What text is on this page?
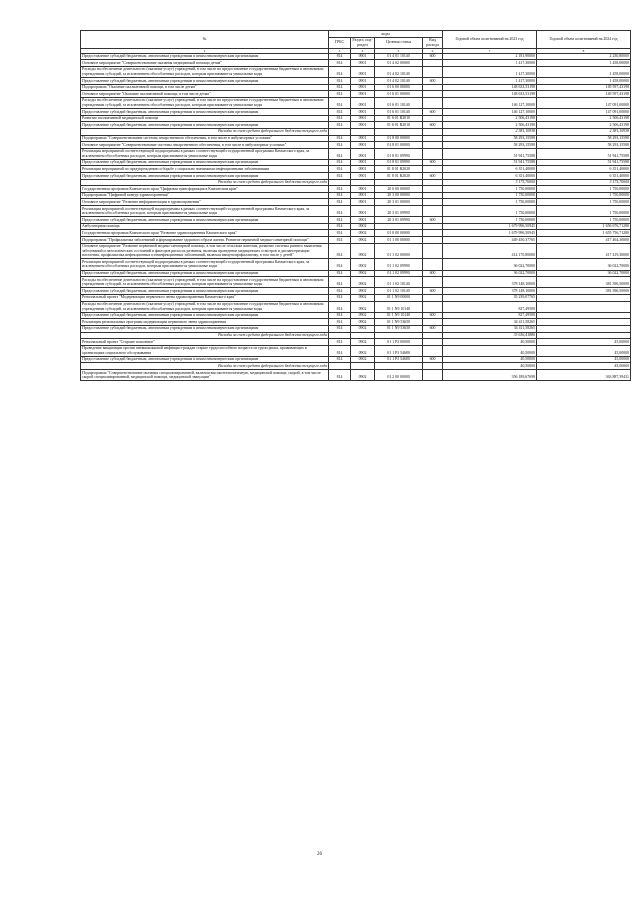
№	коды				Годовой объем ассигнований на 2023 год	Годовой объем ассигнований на 2024 год
	ГРБС	Раздел, под-раздел	Целевая статья	Вид расхода		
2	3	4	5	6	7	8
Предоставление субсидий бюджетным, автономным учреждениям и иным некоммерческим организациям	814	0901	01 4 01 10140	600	2 181,90000	2 230,80000
Основное мероприятие "Совершенствование оказания медицинской помощи детям"	814	0901	01 4 02 00000		1 417,30000	1 458,00000
Расходы на обеспечение деятельности (оказание услуг) учреждений, в том числе на предоставление государственным бюджетным и автономным учреждениям субсидий, за исключением обособленных расходов, которым присваиваются уникальные коды	814	0901	01 4 02 10140		1 417,30000	1 458,00000
Предоставление субсидий бюджетным, автономным учреждениям и иным некоммерческим организациям	814	0901	01 4 02 10140	600	1 417,30000	1 458,00000
Подпрограмма "Оказание паллиативной помощи, в том числе детям"	814	0901	01 6 00 00000		148 633,53198	149 597,43198
Основное мероприятие "Оказание паллиативной помощи, в том числе детям"	814	0901	01 6 01 00000		148 633,53198	149 597,43198
Расходы на обеспечение деятельности (оказание услуг) учреждений, в том числе на предоставление государственным бюджетным и автономным учреждениям субсидий, за исключением обособленных расходов, которым присваиваются уникальные коды	814	0901	01 6 01 10140		146 127,10000	147 091,00000
Предоставление субсидий бюджетным, автономным учреждениям и иным некоммерческим организациям	814	0901	01 6 01 10140	600	146 127,10000	147 091,00000
Развитие паллиативной медицинской помощи	814	0901	01 6 01 R2010		2 506,43198	2 506,43198
Предоставление субсидий бюджетным, автономным учреждениям и иным некоммерческим организациям	814	0901	01 6 01 R2010	600	2 506,43198	2 506,43198
Расходы за счет средств федерального бюджета текущего года					2 381,10938	2 381,10938
Подпрограмма "Совершенствование системы лекарственного обеспечения, в том числе в амбулаторных условиях"	814	0901	01 8 00 00000		58 293,15588	58 293,15588
Основное мероприятие "Совершенствование системы лекарственного обеспечения, в том числе в амбулаторных условиях"	814	0901	01 8 01 00000		58 293,15588	58 293,15588
Реализация мероприятий соответствующей подпрограммы в рамках соответствующей государственной программы Камчатского края, за исключением обособленных расходов, которым присваиваются уникальные коды	814	0901	01 8 01 09990		51 941,75588	51 941,75588
Предоставление субсидий бюджетным, автономным учреждениям и иным некоммерческим организациям	814	0901	01 8 01 09990	600	51 941,75588	51 941,75588
Реализация мероприятий по предупреждению и борьбе с социально значимыми инфекционными заболеваниями	814	0901	01 8 01 R2020		6 351,40000	6 351,40000
Предоставление субсидий бюджетным, автономным учреждениям и иным некоммерческим организациям	814	0901	01 8 01 R2020	600	6 351,40000	6 351,40000
Расходы за счет средств федерального бюджета текущего года					3 175,70000	3 175,70000
Государственная программа Камчатского края "Цифровая трансформация в Камчатском крае"	814	0901	20 0 00 00000		1 750,00000	1 750,00000
Подпрограмма "Цифровой контур здравоохранения"	814	0901	20 3 00 00000		1 750,00000	1 750,00000
Основное мероприятие "Развитие информатизации в здравоохранении"	814	0901	20 3 01 00000		1 750,00000	1 750,00000
Реализация мероприятий соответствующей подпрограммы в рамках соответствующей государственной программы Камчатского края, за исключением обособленных расходов, которым присваиваются уникальные коды	814	0901	20 3 01 09990		1 750,00000	1 750,00000
Предоставление субсидий бюджетным, автономным учреждениям и иным некоммерческим организациям	814	0901	20 3 01 09990	600	1 750,00000	1 750,00000
Амбулаторная помощь	814	0902			1 679 996,50945	1 656 676,71280
Государственная программа Камчатского края "Развитие здравоохранения Камчатского края"	814	0902	01 0 00 00000		1 679 996,50945	1 655 756,71280
Подпрограмма "Профилактика заболеваний и формирование здорового образа жизни. Развитие первичной медико-санитарной помощи"	814	0902	01 1 00 00000		449 450,37765	417 464,30000
Основное мероприятие "Развитие первичной медико-санитарной помощи, в том числе сельским жителям, развитие системы раннего выявления заболеваний и патологических состояний и факторов риска их развития, включая проведение медицинских осмотров и диспансеризации населения, профилактика инфекционных и неинфекционных заболеваний, включая иммунопрофилактику, в том числе у детей"	814	0902	01 1 02 00000		414 170,80000	417 419,30000
Реализация мероприятий соответствующей подпрограммы в рамках соответствующей государственной программы Камчатского края, за исключением обособленных расходов, которым присваиваются уникальные коды	814	0902	01 1 02 09990		36 022,70000	36 022,70000
Предоставление субсидий бюджетным, автономным учреждениям и иным некоммерческим организациям	814	0902	01 1 02 09990	600	36 022,70000	36 022,70000
Расходы на обеспечение деятельности (оказание услуг) учреждений, в том числе на предоставление государственным бюджетным и автономным учреждениям субсидий, за исключением обособленных расходов, которым присваиваются уникальные коды	814	0902	01 1 02 10140		378 148,10000	381 396,50000
Предоставление субсидий бюджетным, автономным учреждениям и иным некоммерческим организациям	814	0902	01 1 02 10140	600	378 148,10000	381 396,50000
Региональный проект "Модернизация первичного звена здравоохранения Камчатского края"	814	0902	01 1 N9 00000		35 239,07765	
Расходы на обеспечение деятельности (оказание услуг) учреждений, в том числе на предоставление государственным бюджетным и автономным учреждениям субсидий, за исключением обособленных расходов, которым присваиваются уникальные коды	814	0902	01 1 N9 10140		827,49500	
Предоставление субсидий бюджетным, автономным учреждениям и иным некоммерческим организациям	814	0902	01 1 N9 10140	600	827,49500	
Реализация региональных программ модернизации первичного звена здравоохранения	814	0902	01 1 N9 53650		34 411,58265	
Предоставление субсидий бюджетным, автономным учреждениям и иным некоммерческим организациям	814	0902	01 1 N9 53650	600	34 411,58265	
Расходы за счет средств федерального бюджета текущего года					33 636,41880	
Региональный проект "Старшее поколение"	814	0902	01 1 P3 00000		40,50000	45,00000
Проведение вакцинации против пневмококковой инфекции граждан старше трудоспособного возраста из групп риска, проживающих в организациях социального обслуживания	814	0902	01 1 P3 54680		40,50000	45,00000
Предоставление субсидий бюджетным, автономным учреждениям и иным некоммерческим организациям	814	0902	01 1 P3 54680	600	40,50000	45,00000
Расходы за счет средств федерального бюджета текущего года					40,50000	45,00000
Подпрограмма "Совершенствование оказания специализированной, включая высокотехнологичную, медицинской помощи, скорой, в том числе скорой специализированной, медицинской помощи, медицинской эвакуации"	814	0902	01 2 00 00000		356 189,67698	363 887,39431
26
